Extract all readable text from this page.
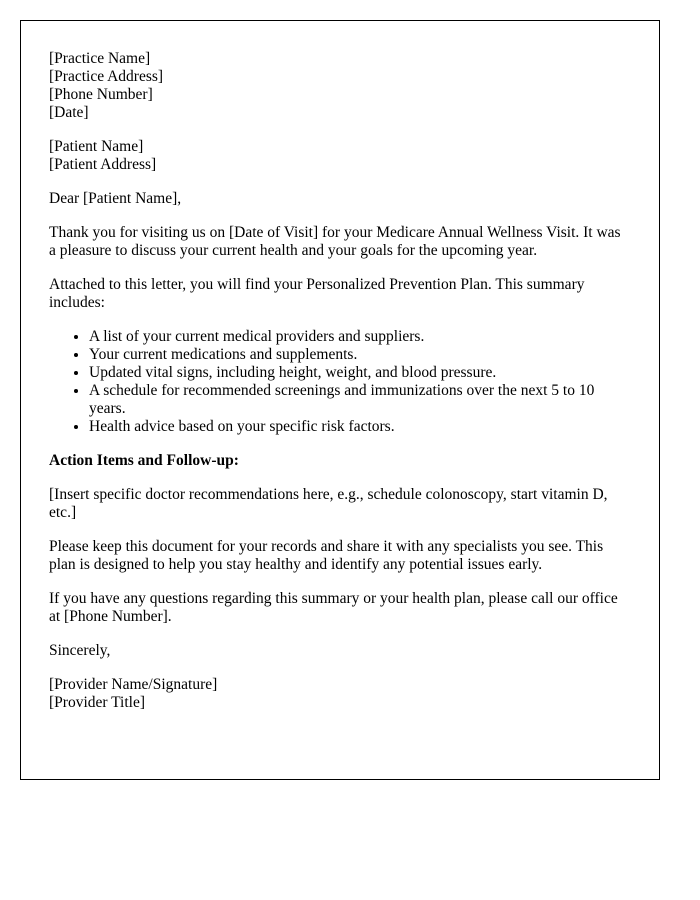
[Practice Name]
[Practice Address]
[Phone Number]
[Date]
[Patient Name]
[Patient Address]

Dear [Patient Name],

Thank you for visiting us on [Date of Visit] for your Medicare Annual Wellness Visit. It was a pleasure to discuss your current health and your goals for the upcoming year.

Attached to this letter, you will find your Personalized Prevention Plan. This summary includes:

• A list of your current medical providers and suppliers.
• Your current medications and supplements.
• Updated vital signs, including height, weight, and blood pressure.
• A schedule for recommended screenings and immunizations over the next 5 to 10 years.
• Health advice based on your specific risk factors.
Action Items and Follow-up:

[Insert specific doctor recommendations here, e.g., schedule colonoscopy, start vitamin D, etc.]

Please keep this document for your records and share it with any specialists you see. This plan is designed to help you stay healthy and identify any potential issues early.

If you have any questions regarding this summary or your health plan, please call our office at [Phone Number].

Sincerely,

[Provider Name/Signature]
[Provider Title]
